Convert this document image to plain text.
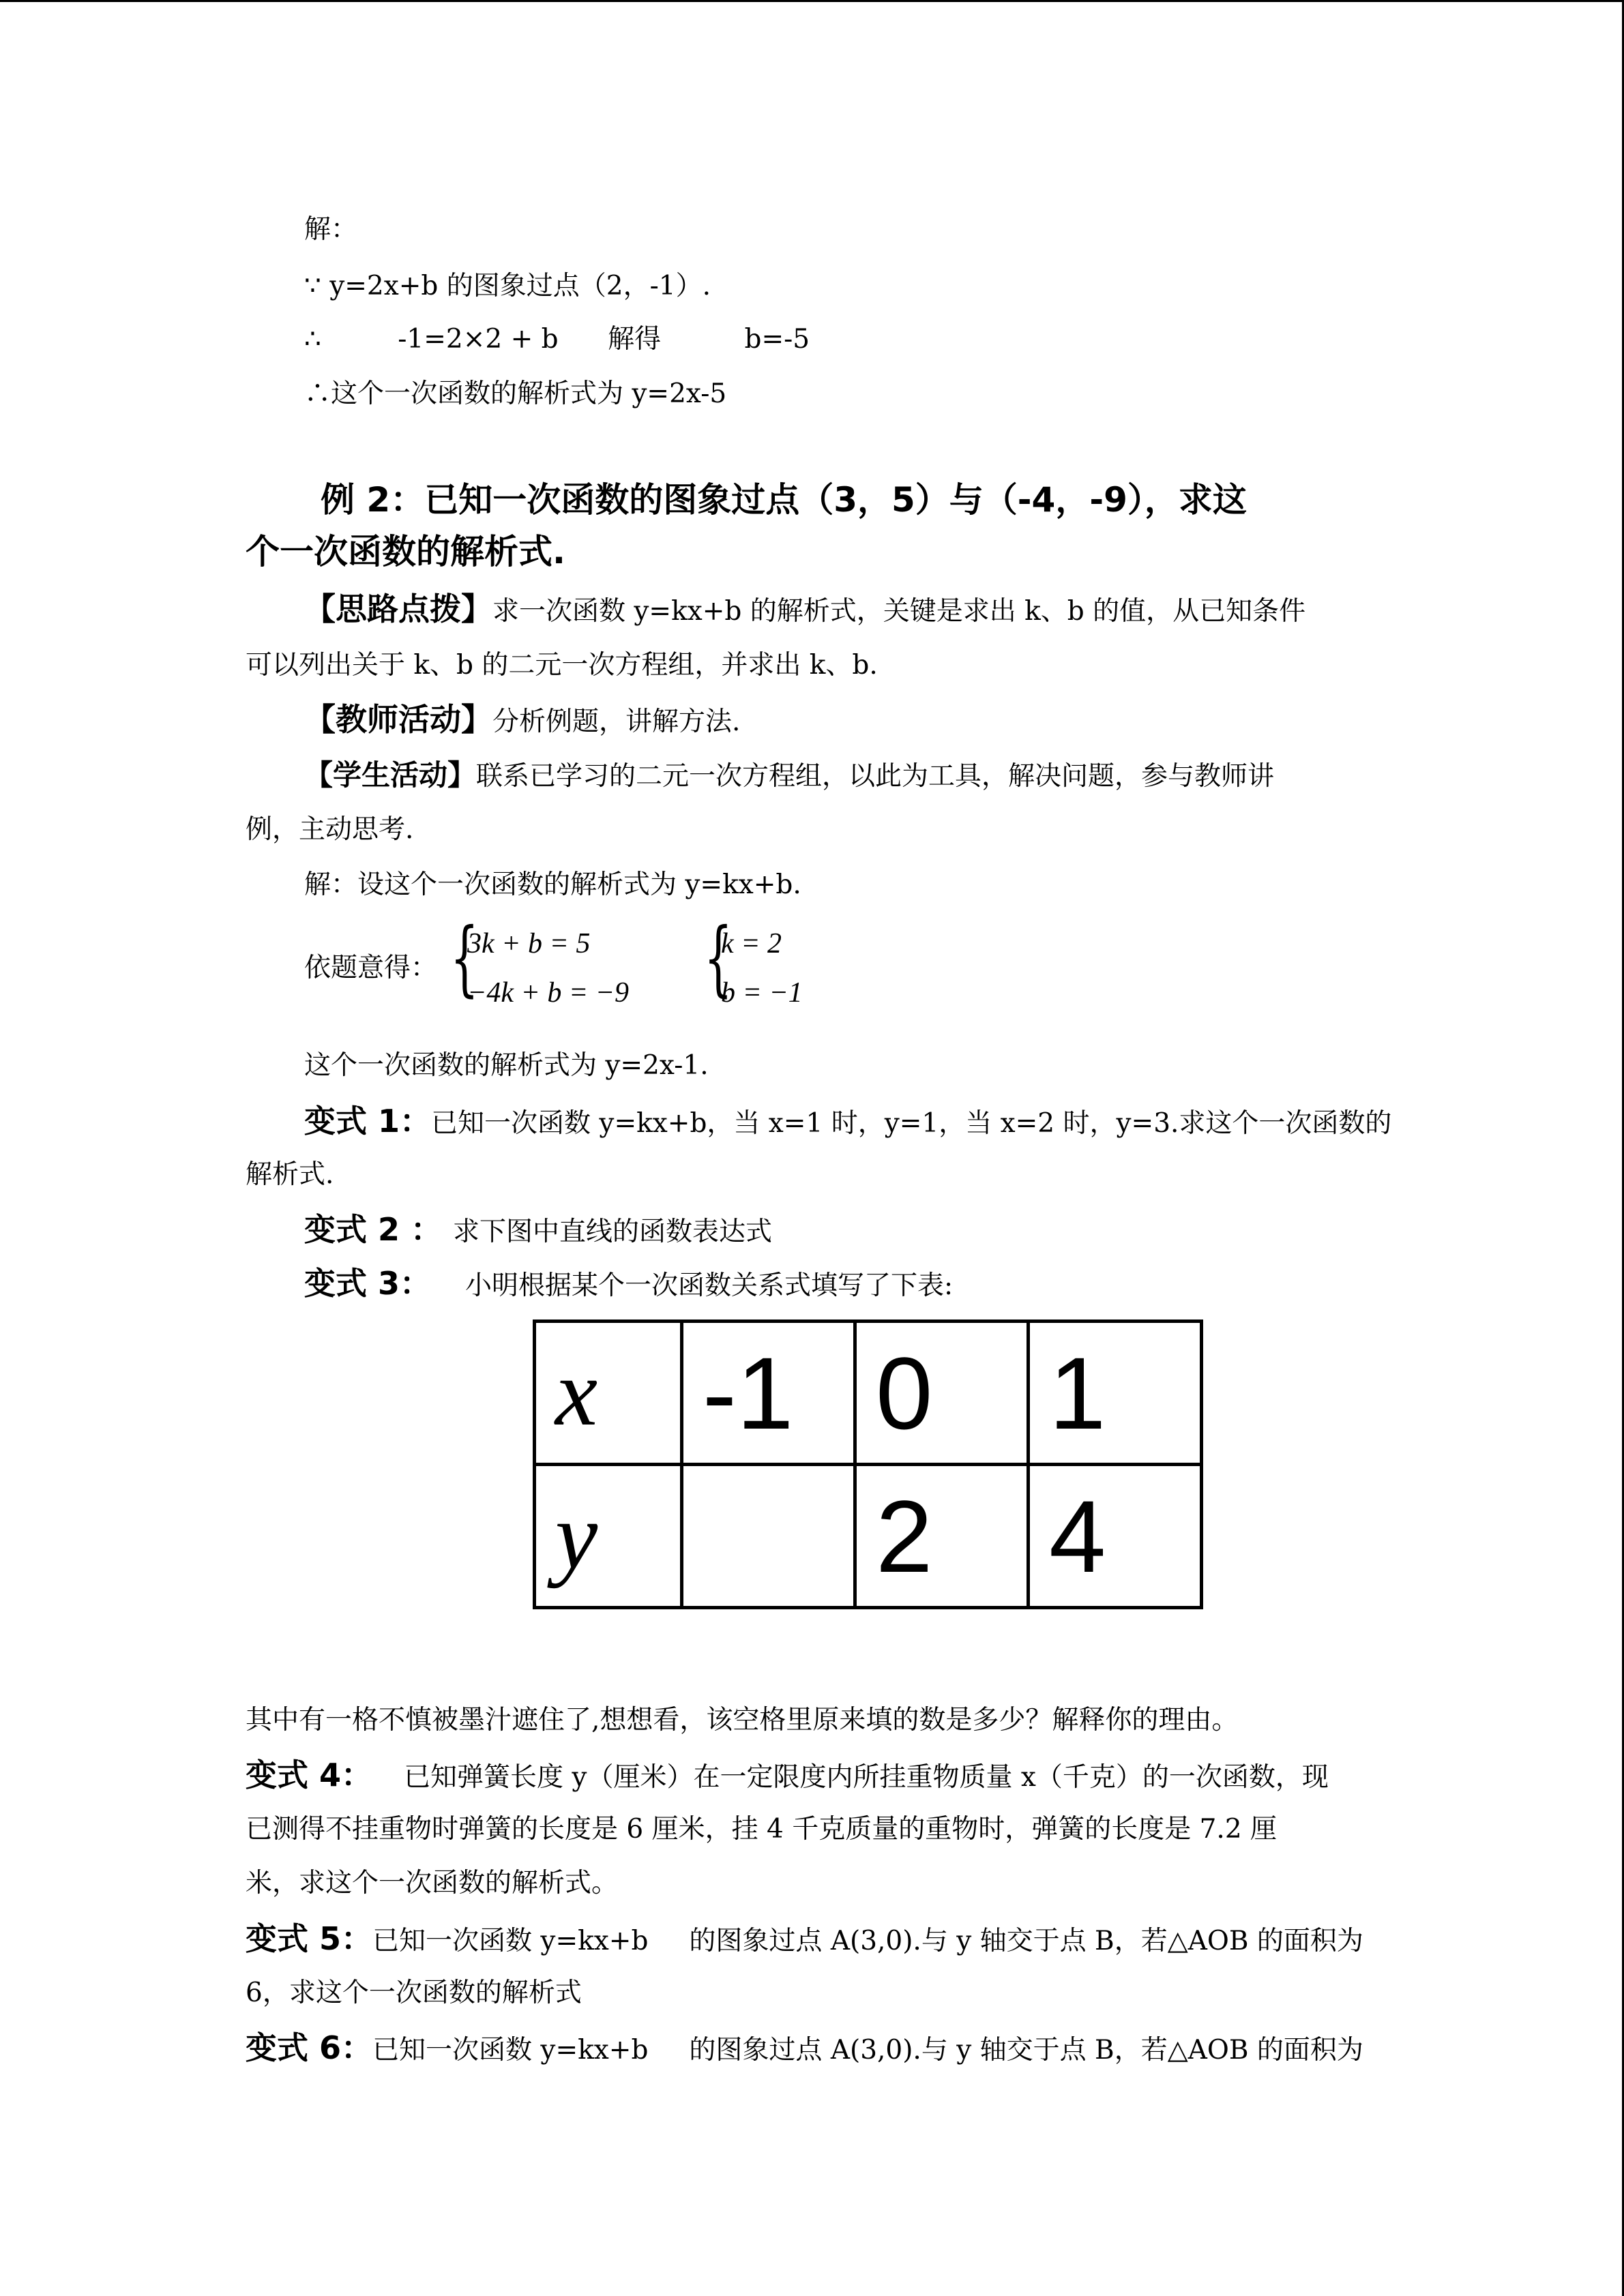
解：
∵ y=2x+b 的图象过点（2，-1）.
∴	-1=2×2 + b 解得	b=-5
∴这个一次函数的解析式为 y=2x-5
例 2：已知一次函数的图象过点（3，5）与（-4，-9），求这
个一次函数的解析式.
【思路点拨】求一次函数 y=kx+b 的解析式，关键是求出 k、b 的值，从已知条件
可以列出关于 k、b 的二元一次方程组，并求出 k、b.
【教师活动】分析例题，讲解方法.
【学生活动】联系已学习的二元一次方程组，以此为工具，解决问题，参与教师讲
例，主动思考.
解：设这个一次函数的解析式为 y=kx+b.
依题意得： {
3k + b = 5
−4k + b = −9 {
k = 2
b = −1
这个一次函数的解析式为 y=2x-1.
变式 1：已知一次函数 y=kx+b，当 x=1 时，y=1，当 x=2 时，y=3.求这个一次函数的
解析式.
变式 2 ： 求下图中直线的函数表达式
变式 3： 小明根据某个一次函数关系式填写了下表:
x	-1	0	1
y		2	4
其中有一格不慎被墨汁遮住了,想想看，该空格里原来填的数是多少？解释你的理由。
变式 4： 已知弹簧长度 y（厘米）在一定限度内所挂重物质量 x（千克）的一次函数，现
已测得不挂重物时弹簧的长度是 6 厘米，挂 4 千克质量的重物时，弹簧的长度是 7.2 厘
米，求这个一次函数的解析式。
变式 5：已知一次函数 y=kx+b 的图象过点 A(3,0).与 y 轴交于点 B，若△AOB 的面积为
6，求这个一次函数的解析式
变式 6：已知一次函数 y=kx+b 的图象过点 A(3,0).与 y 轴交于点 B，若△AOB 的面积为
